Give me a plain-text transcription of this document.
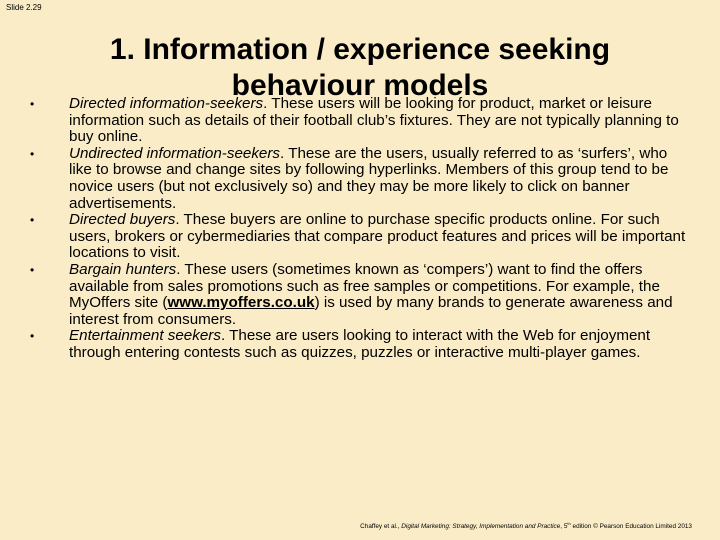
Slide 2.29
1. Information / experience seeking behaviour models
•
Directed information-seekers. These users will be looking for product, market or leisure information such as details of their football club’s fixtures. They are not typically planning to buy online.
•
Undirected information-seekers. These are the users, usually referred to as ‘surfers’, who like to browse and change sites by following hyperlinks. Members of this group tend to be novice users (but not exclusively so) and they may be more likely to click on banner advertisements.
•
Directed buyers. These buyers are online to purchase specific products online. For such users, brokers or cybermediaries that compare product features and prices will be important locations to visit.
•
Bargain hunters. These users (sometimes known as ‘compers’) want to find the offers available from sales promotions such as free samples or competitions. For example, the MyOffers site (www.myoffers.co.uk) is used by many brands to generate awareness and interest from consumers.
•
Entertainment seekers. These are users looking to interact with the Web for enjoyment through entering contests such as quizzes, puzzles or interactive multi-player games.
Chaffey et al., Digital Marketing: Strategy, Implementation and Practice, 5th edition © Pearson Education Limited 2013
